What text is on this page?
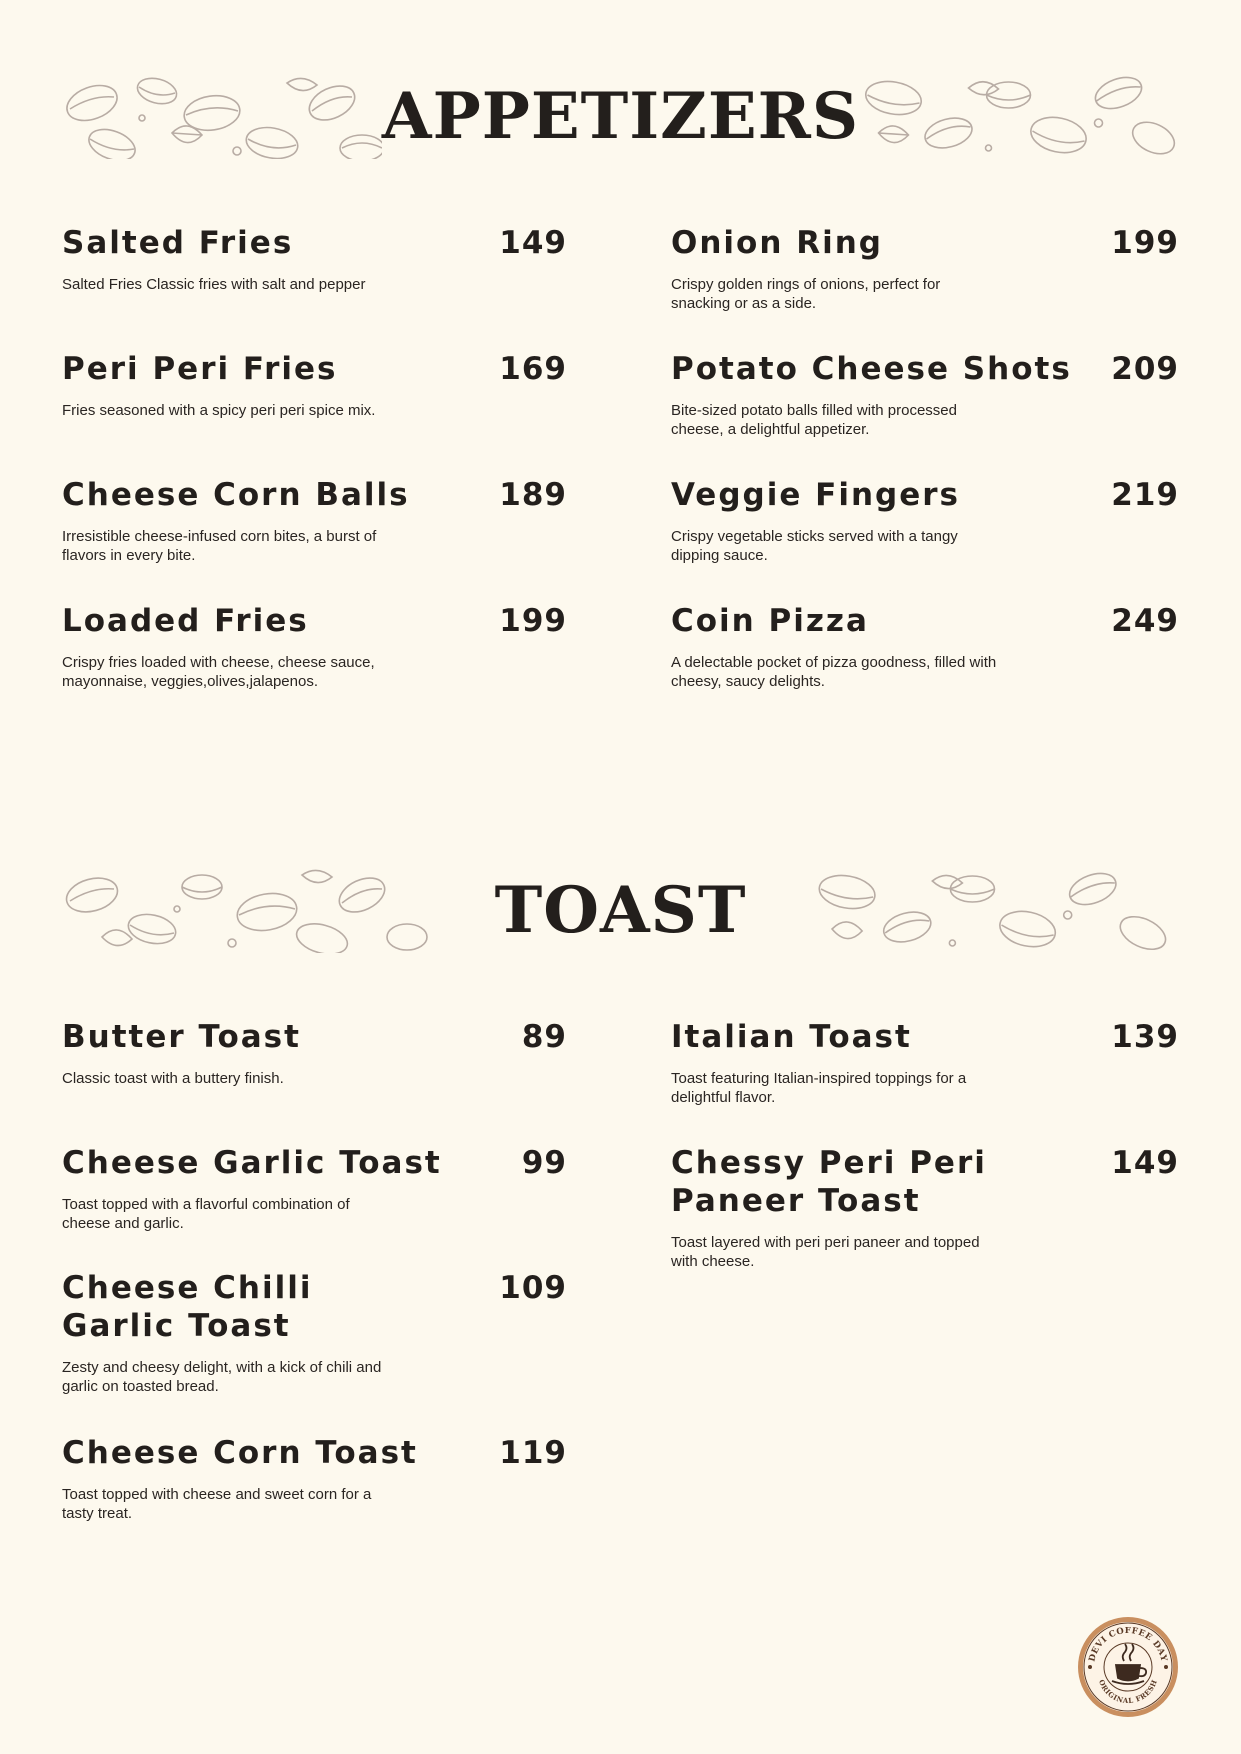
APPETIZERS
Salted Fries	149
Salted Fries Classic fries with salt and pepper
Peri Peri Fries	169
Fries seasoned with a spicy peri peri spice mix.
Cheese Corn Balls	189
Irresistible cheese-infused corn bites, a burst of flavors in every bite.
Loaded Fries	199
Crispy fries loaded with cheese, cheese sauce, mayonnaise, veggies,olives,jalapenos.
Onion Ring	199
Crispy golden rings of onions, perfect for snacking or as a side.
Potato Cheese Shots 209
Bite-sized potato balls filled with processed cheese, a delightful appetizer.
Veggie Fingers	219
Crispy vegetable sticks served with a tangy dipping sauce.
Coin Pizza	249
A delectable pocket of pizza goodness, filled with cheesy, saucy delights.
TOAST
Butter Toast	89
Classic toast with a buttery finish.
Cheese Garlic Toast	99
Toast topped with a flavorful combination of cheese and garlic.
Cheese Chilli Garlic Toast
109
Zesty and cheesy delight, with a kick of chili and garlic on toasted bread.
Cheese Corn Toast	119
Toast topped with cheese and sweet corn for a tasty treat.
Italian Toast	139
Toast featuring Italian-inspired toppings for a delightful flavor.
Chessy Peri Peri Paneer Toast
149
Toast layered with peri peri paneer and topped with cheese.
DEVI COFFEE DAY
ORIGINAL FRESH
